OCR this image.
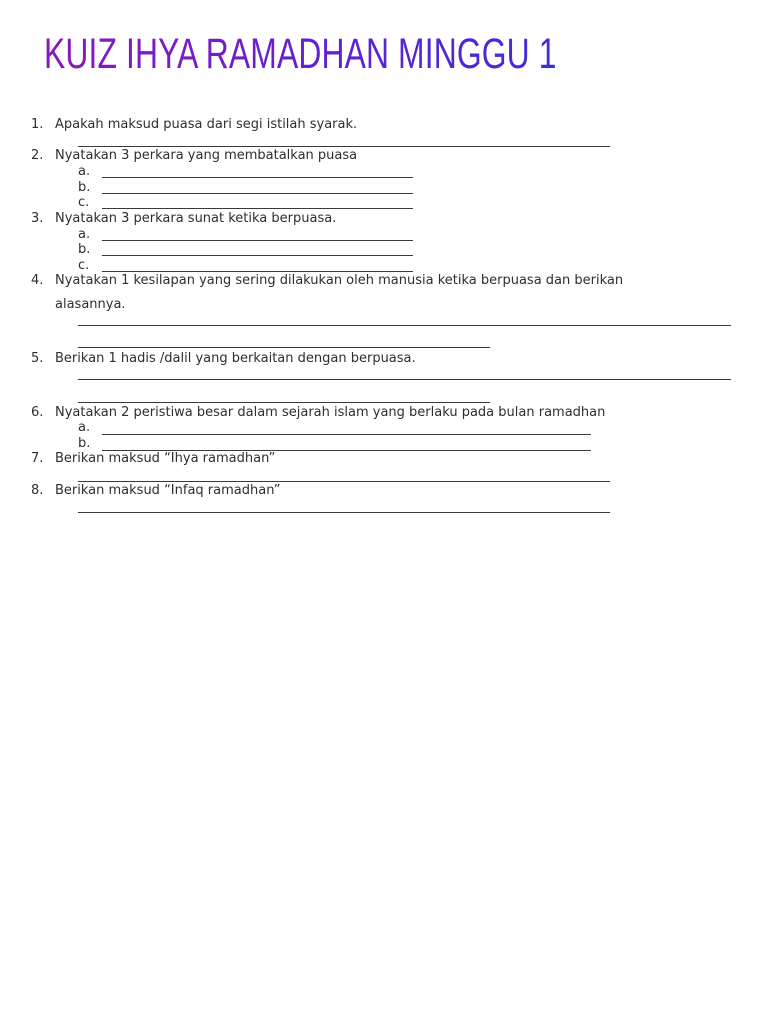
KUIZ IHYA RAMADHAN MINGGU 1
1. Apakah maksud puasa dari segi istilah syarak.
2. Nyatakan 3 perkara yang membatalkan puasa
a.
b.
c.
3. Nyatakan 3 perkara sunat ketika berpuasa.
a.
b.
c.
4. Nyatakan 1 kesilapan yang sering dilakukan oleh manusia ketika berpuasa dan berikan
alasannya.
5. Berikan 1 hadis /dalil yang berkaitan dengan berpuasa.
6. Nyatakan 2 peristiwa besar dalam sejarah islam yang berlaku pada bulan ramadhan
a.
b.
7. Berikan maksud “Ihya ramadhan”
8. Berikan maksud “Infaq ramadhan”
